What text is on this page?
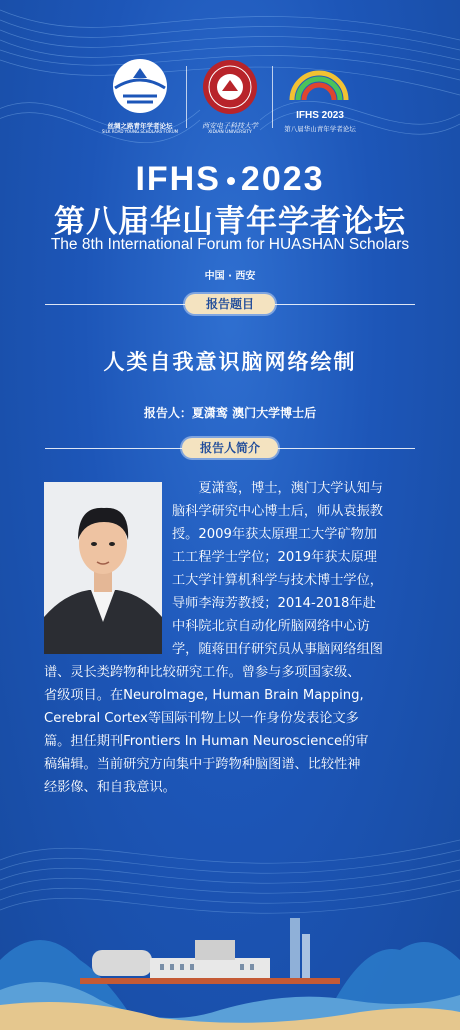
丝绸之路青年学者论坛
SILK ROAD YOUNG SCHOLARS FORUM
西安电子科技大学
XIDIAN UNIVERSITY
IFHS 2023
第八届华山青年学者论坛
IFHS 2023
第八届华山青年学者论坛
The 8th International Forum for HUASHAN Scholars
中国 · 西安
报告题目
人类自我意识脑网络绘制
报告人：夏潇鸾 澳门大学博士后
报告人简介
夏潇鸾，博士，澳门大学认知与
脑科学研究中心博士后，师从袁振教
授。2009年获太原理工大学矿物加
工工程学士学位；2019年获太原理
工大学计算机科学与技术博士学位，
导师李海芳教授；2014-2018年赴
中科院北京自动化所脑网络中心访
学，随蒋田仔研究员从事脑网络组图
谱、灵长类跨物种比较研究工作。曾参与多项国家级、
省级项目。在NeuroImage, Human Brain Mapping,
Cerebral Cortex等国际刊物上以一作身份发表论文多
篇。担任期刊Frontiers In Human Neuroscience的审
稿编辑。当前研究方向集中于跨物种脑图谱、比较性神
经影像、和自我意识。
